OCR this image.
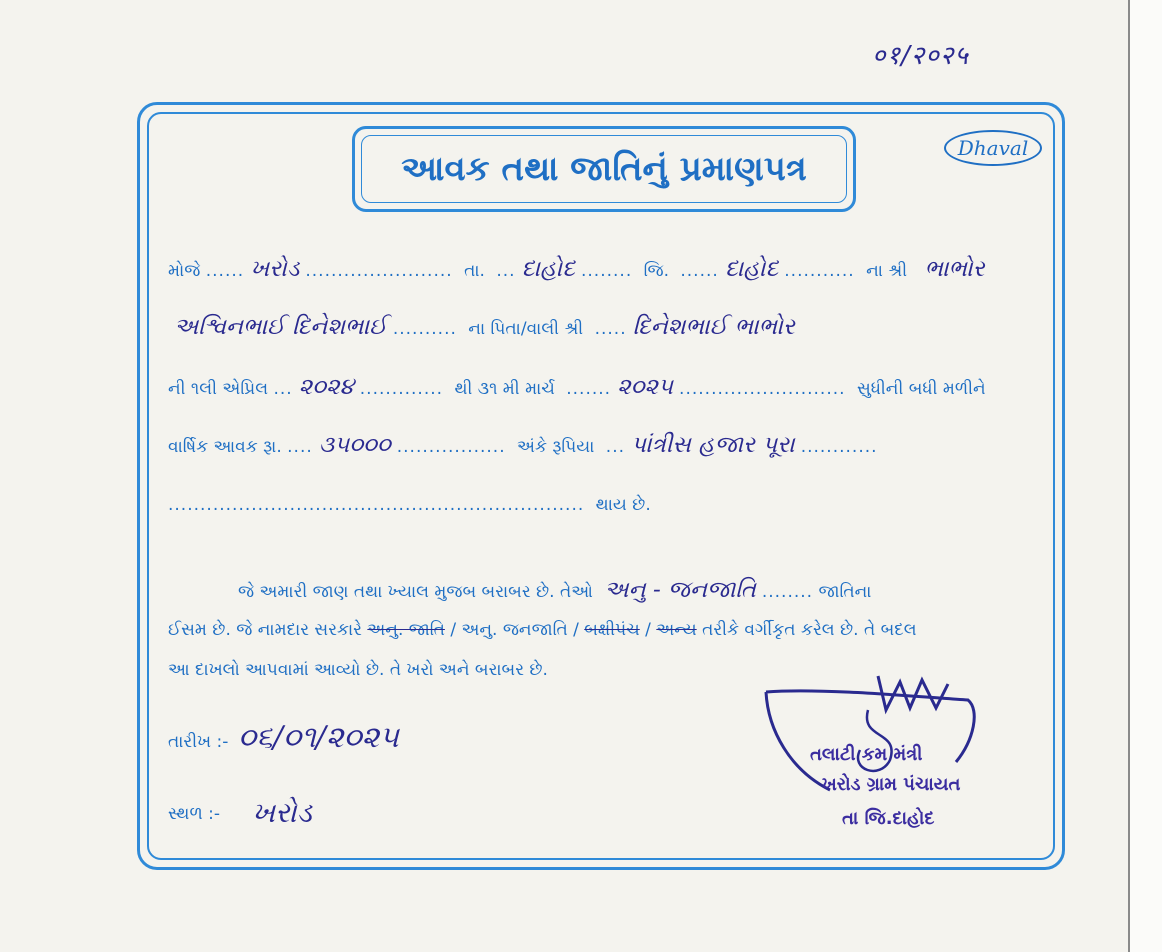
०१/२०२५
આવક તથા જાતિનું પ્રમાણપત્ર
Dhaval
મોજે ...... ખરોડ ....................... તા. ... દાહોદ ........ જિ. ...... દાહોદ ........... ના શ્રી ભાભોર
અશ્વિનભાઈ દિનેશભાઈ .......... ના પિતા/વાલી શ્રી ..... દિનેશભાઈ ભાભોર
ની ૧લી એપ્રિલ ... ૨૦૨૪ ............. થી ૩૧ મી માર્ચ ....... ૨૦૨૫ .......................... સુધીની બધી મળીને
વાર્ષિક આવક રૂા. .... ૩૫૦૦૦ ................. અંકે રૂપિયા ... પાંત્રીસ હજાર પૂરા ............
................................................................. થાય છે.
જે અમારી જાણ તથા ખ્યાલ મુજબ બરાબર છે. તેઓ અનુ - જનજાતિ ........ જાતિના
ઈસમ છે. જે નામદાર સરકારે અનુ. જાતિ / અનુ. જનજાતિ / બક્ષીપંચ / અન્ય તરીકે વર્ગીકૃત કરેલ છે. તે બદલ
આ દાખલો આપવામાં આવ્યો છે. તે ખરો અને બરાબર છે.
તારીખ :- ૦૬/૦૧/૨૦૨૫
સ્થળ :- ખરોડ
તલાટી કમ મંત્રી
ખરોડ ગ્રામ પંચાયત
તા જિ.દાહોદ
